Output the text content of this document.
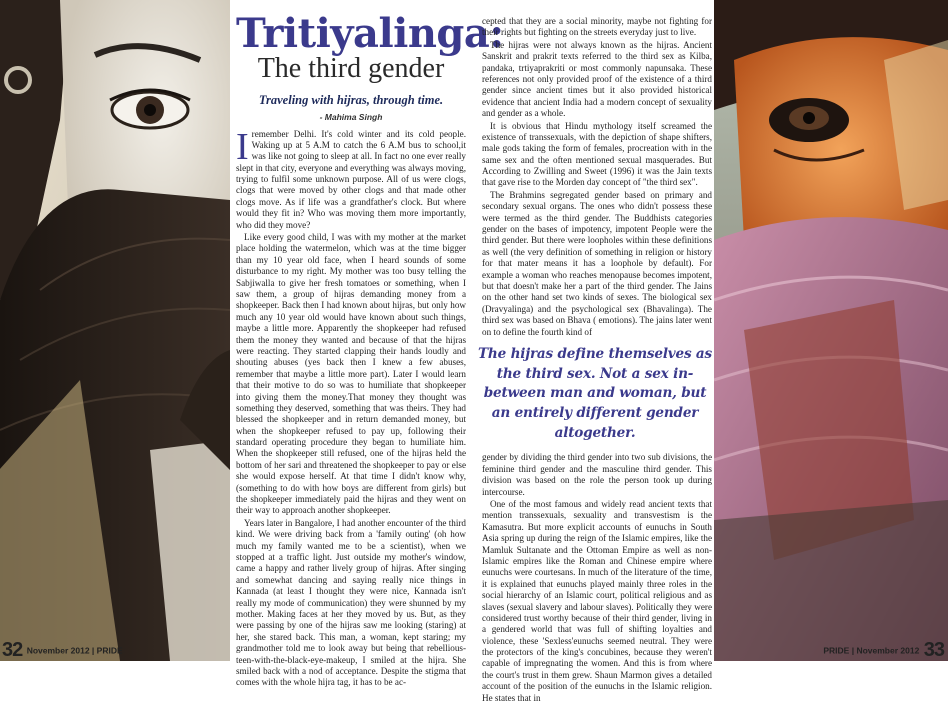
Tritiyalinga:
The third gender
Traveling with hijras, through time.
- Mahima Singh

Iremember Delhi. It's cold winter and its cold people. Waking up at 5 A.M to catch the 6 A.M bus to school,it was like not going to sleep at all. In fact no one ever really slept in that city, everyone and everything was always moving, trying to fulfil some unknown purpose. All of us were clogs, clogs that were moved by other clogs and that made other clogs move. As if life was a grandfather's clock. But where would they fit in? Who was moving them more importantly, who did they move?

Like every good child, I was with my mother at the market place holding the watermelon, which was at the time bigger than my 10 year old face, when I heard sounds of some disturbance to my right. My mother was too busy telling the Sabjiwalla to give her fresh tomatoes or something, when I saw them, a group of hijras demanding money from a shopkeeper. Back then I had known about hijras, but only how much any 10 year old would have known about such things, maybe a little more. Apparently the shopkeeper had refused them the money they wanted and because of that the hijras were reacting. They started clapping their hands loudly and shouting abuses (yes back then I knew a few abuses, remember that maybe a little more part). Later I would learn that their motive to do so was to humiliate that shopkeeper into giving them the money.That money they thought was something they deserved, something that was theirs. They had blessed the shopkeeper and in return demanded money, but when the shopkeeper refused to pay up, following their standard operating procedure they began to humiliate him. When the shopkeeper still refused, one of the hijras held the bottom of her sari and threatened the shopkeeper to pay or else she would expose herself. At that time I didn't know why, (something to do with how boys are different from girls) but the shopkeeper immediately paid the hijras and they went on their way to approach another shopkeeper.

Years later in Bangalore, I had another encounter of the third kind. We were driving back from a 'family outing' (oh how much my family wanted me to be a scientist), when we stopped at a traffic light. Just outside my mother's window, came a happy and rather lively group of hijras. After singing and somewhat dancing and saying really nice things in Kannada (at least I thought they were nice, Kannada isn't really my mode of communication) they were shunned by my mother. Making faces at her they moved by us. But, as they were passing by one of the hijras saw me looking (staring) at her, she stared back. This man, a woman, kept staring; my grandmother told me to look away but being that rebellious-teen-with-the-black-eye-makeup, I smiled at the hijra. She smiled back with a nod of acceptance. Despite the stigma that comes with the whole hijra tag, it has to be ac-

cepted that they are a social minority, maybe not fighting for their rights but fighting on the streets everyday just to live.

The hijras were not always known as the hijras. Ancient Sanskrit and prakrit texts referred to the third sex as Kilba, pandaka, trtiyaprakriti or most commonly napunsaka. These references not only provided proof of the existence of a third gender since ancient times but it also provided historical evidence that ancient India had a modern concept of sexuality and gender as a whole.

It is obvious that Hindu mythology itself screamed the existence of transsexuals, with the depiction of shape shifters, male gods taking the form of females, procreation with in the same sex and the often mentioned sexual masquerades. But According to Zwilling and Sweet (1996) it was the Jain texts that gave rise to the Morden day concept of "the third sex".

The Brahmins segregated gender based on primary and secondary sexual organs. The ones who didn't possess these were termed as the third gender. The Buddhists categories gender on the bases of impotency, impotent People were the third gender. But there were loopholes within these definitions as well (the very definition of something in religion or history for that mater means it has a loophole by default). For example a woman who reaches menopause becomes impotent, but that doesn't make her a part of the third gender. The Jains on the other hand set two kinds of sexes. The biological sex (Dravyalinga) and the psychological sex (Bhavalinga). The third sex was based on Bhava ( emotions). The jains later went on to define the fourth kind of

The hijras define themselves as the third sex. Not a sex in-between man and woman, but an entirely different gender altogether.

gender by dividing the third gender into two sub divisions, the feminine third gender and the masculine third gender. This division was based on the role the person took up during intercourse.

One of the most famous and widely read ancient texts that mention transsexuals, sexuality and transvestism is the Kamasutra. But more explicit accounts of eunuchs in South Asia spring up during the reign of the Islamic empires, like the Mamluk Sultanate and the Ottoman Empire as well as non-Islamic empires like the Roman and Chinese empire where eunuchs were courtesans. In much of the literature of the time, it is explained that eunuchs played mainly three roles in the social hierarchy of an Islamic court, political religious and as slaves (sexual slavery and labour slaves). Politically they were considered trust worthy because of their third gender, living in a gendered world that was full of shifting loyalties and violence, these 'Sexless'eunuchs seemed neutral. They were the protectors of the king's concubines, because they weren't capable of impregnating the women. And this is from where the court's trust in them grew. Shaun Marmon gives a detailed account of the position of the eunuchs in the Islamic religion. He states that in

32 November 2012 | PRIDE	PRIDE | November 2012 33
